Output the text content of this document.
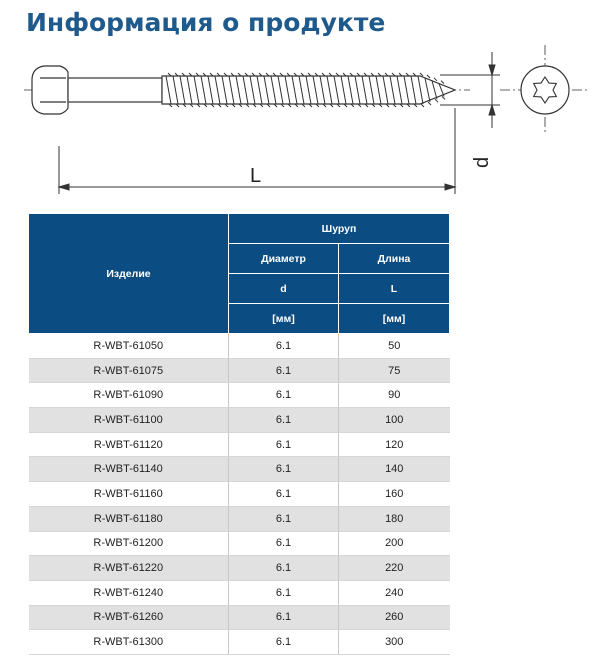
Информация о продукте
L
d
Изделие	Шуруп	
	Диаметр	Длина
	d	L
	[мм]	[мм]
R-WBT-61050	6.1	50
R-WBT-61075	6.1	75
R-WBT-61090	6.1	90
R-WBT-61100	6.1	100
R-WBT-61120	6.1	120
R-WBT-61140	6.1	140
R-WBT-61160	6.1	160
R-WBT-61180	6.1	180
R-WBT-61200	6.1	200
R-WBT-61220	6.1	220
R-WBT-61240	6.1	240
R-WBT-61260	6.1	260
R-WBT-61300	6.1	300
